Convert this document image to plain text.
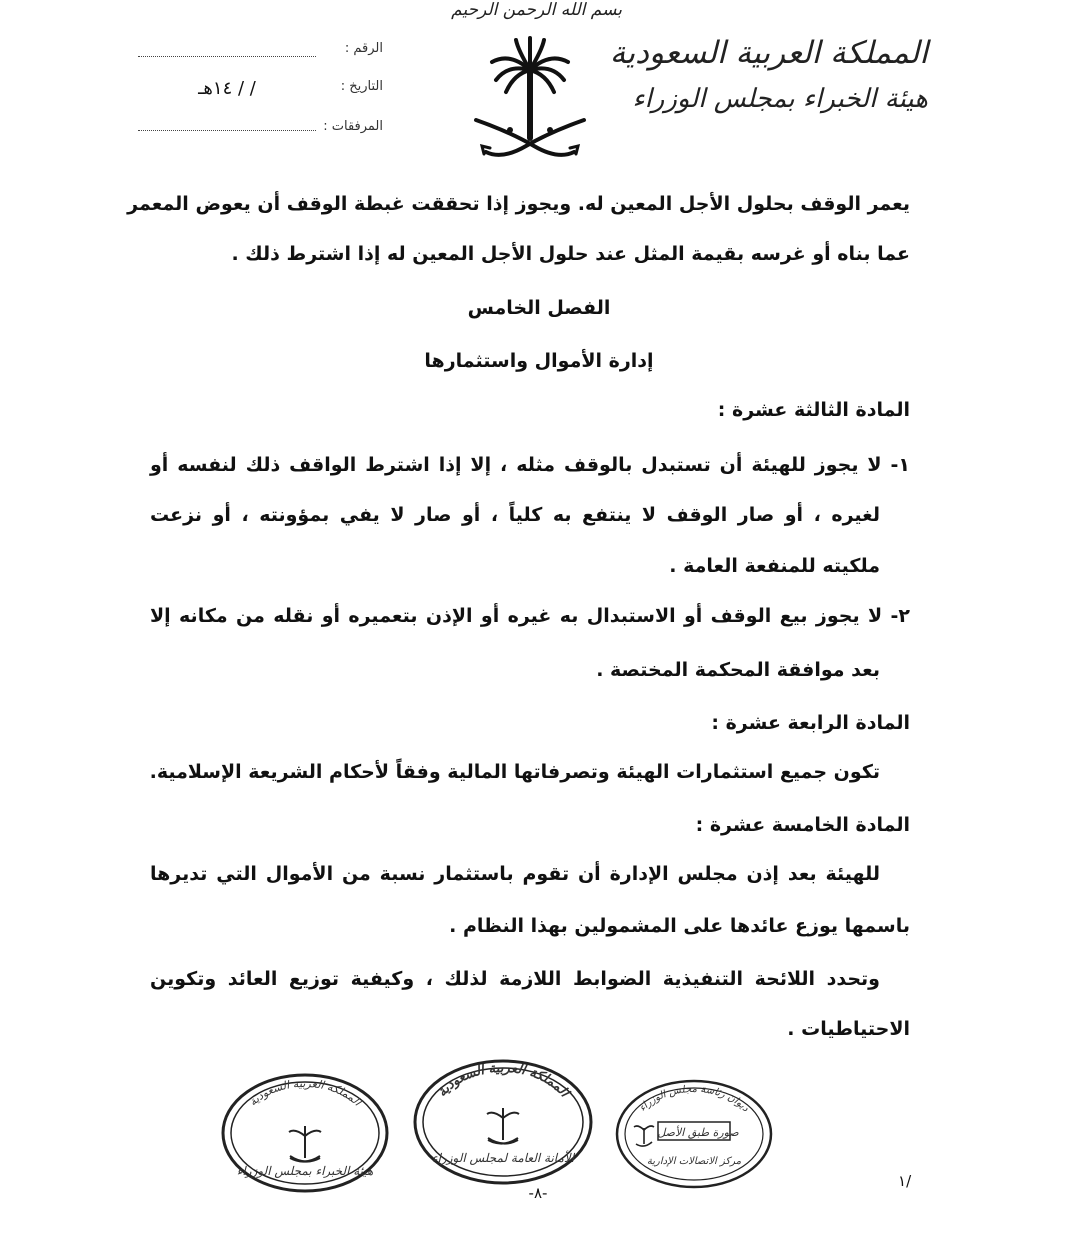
بسم الله الرحمن الرحيم
المملكة العربية السعودية
هيئة الخبراء بمجلس الوزراء
الرقم :
التاريخ :
/ / ١٤هـ
المرفقات :
يعمر الوقف بحلول الأجل المعين له. ويجوز إذا تحققت غبطة الوقف أن يعوض المعمر
عما بناه أو غرسه بقيمة المثل عند حلول الأجل المعين له إذا اشترط ذلك .
الفصل الخامس
إدارة الأموال واستثمارها
المادة الثالثة عشرة :
١- لا يجوز للهيئة أن تستبدل بالوقف مثله ، إلا إذا اشترط الواقف ذلك لنفسه أو
لغيره ، أو صار الوقف لا ينتفع به كلياً ، أو صار لا يفي بمؤونته ، أو نزعت
ملكيته للمنفعة العامة .
٢- لا يجوز بيع الوقف أو الاستبدال به غيره أو الإذن بتعميره أو نقله من مكانه إلا
بعد موافقة المحكمة المختصة .
المادة الرابعة عشرة :
تكون جميع استثمارات الهيئة وتصرفاتها المالية وفقاً لأحكام الشريعة الإسلامية.
المادة الخامسة عشرة :
للهيئة بعد إذن مجلس الإدارة أن تقوم باستثمار نسبة من الأموال التي تديرها
باسمها يوزع عائدها على المشمولين بهذا النظام .
وتحدد اللائحة التنفيذية الضوابط اللازمة لذلك ، وكيفية توزيع العائد وتكوين
الاحتياطيات .
المملكة العربية السعودية
هيئة الخبراء بمجلس الوزراء
المملكة العربية السعودية
الأمانة العامة لمجلس الوزراء
ديوان رئاسة مجلس الوزراء
صورة طبق الأصل
مركز الاتصالات الإدارية
-٨-
١/
